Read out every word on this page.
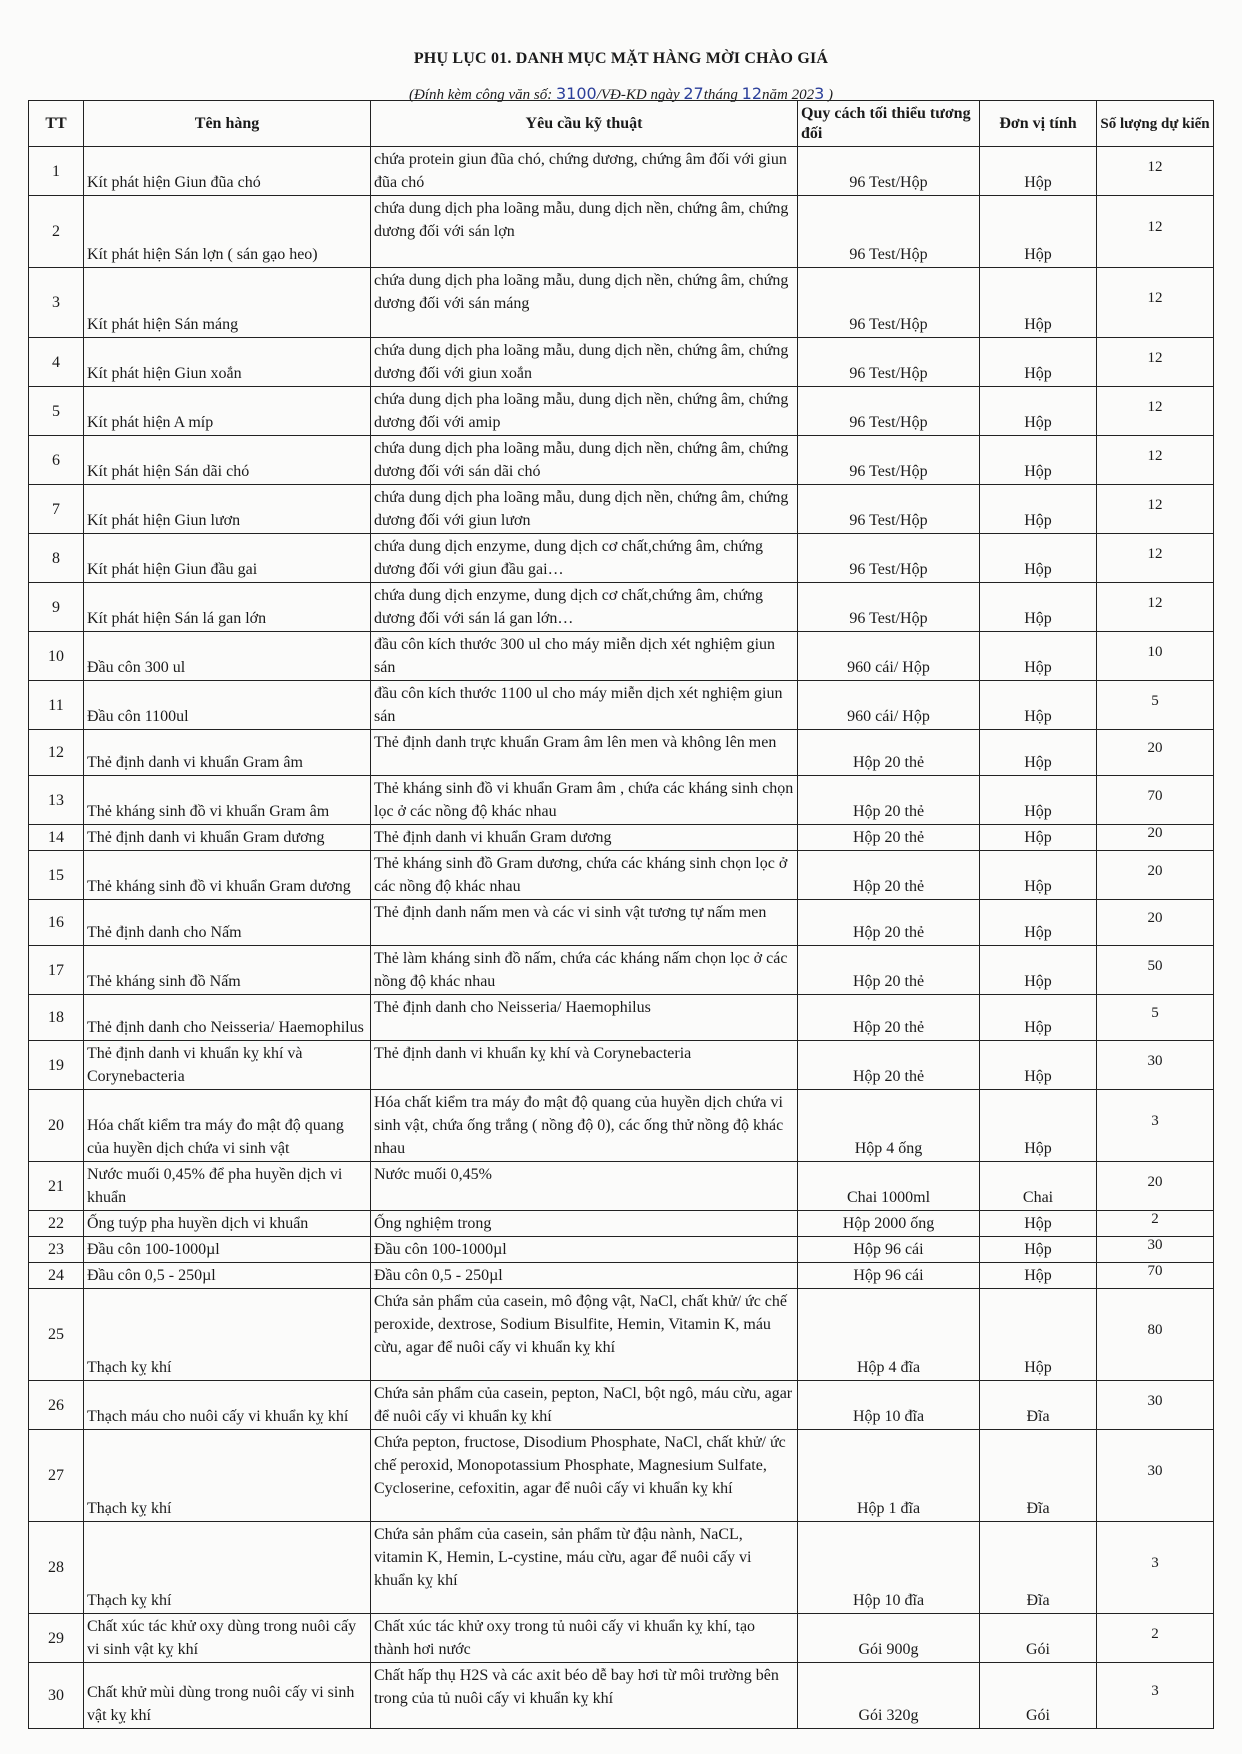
PHỤ LỤC 01. DANH MỤC MẶT HÀNG MỜI CHÀO GIÁ
(Đính kèm công văn số: 3100/VĐ-KD ngày 27tháng 12năm 2023 )
TT	Tên hàng	Yêu cầu kỹ thuật	Quy cách tối thiểu tương đối	Đơn vị tính	Số lượng dự kiến
1	Kít phát hiện Giun đũa chó	chứa protein giun đũa chó, chứng dương, chứng âm đối với giun đũa chó	96 Test/Hộp	Hộp	12
2	Kít phát hiện Sán lợn ( sán gạo heo)	chứa dung dịch pha loãng mẫu, dung dịch nền, chứng âm, chứng dương đối với sán lợn	96 Test/Hộp	Hộp	12
3	Kít phát hiện Sán máng	chứa dung dịch pha loãng mẫu, dung dịch nền, chứng âm, chứng dương đối với sán máng	96 Test/Hộp	Hộp	12
4	Kít phát hiện Giun xoắn	chứa dung dịch pha loãng mẫu, dung dịch nền, chứng âm, chứng dương đối với giun xoắn	96 Test/Hộp	Hộp	12
5	Kít phát hiện A míp	chứa dung dịch pha loãng mẫu, dung dịch nền, chứng âm, chứng dương đối với amip	96 Test/Hộp	Hộp	12
6	Kít phát hiện Sán dãi chó	chứa dung dịch pha loãng mẫu, dung dịch nền, chứng âm, chứng dương đối với sán dãi chó	96 Test/Hộp	Hộp	12
7	Kít phát hiện Giun lươn	chứa dung dịch pha loãng mẫu, dung dịch nền, chứng âm, chứng dương đối với giun lươn	96 Test/Hộp	Hộp	12
8	Kít phát hiện Giun đầu gai	chứa dung dịch enzyme, dung dịch cơ chất,chứng âm, chứng dương đối với giun đầu gai…	96 Test/Hộp	Hộp	12
9	Kít phát hiện Sán lá gan lớn	chứa dung dịch enzyme, dung dịch cơ chất,chứng âm, chứng dương đối với sán lá gan lớn…	96 Test/Hộp	Hộp	12
10	Đầu côn 300 ul	đầu côn kích thước 300 ul cho máy miễn dịch xét nghiệm giun sán	960 cái/ Hộp	Hộp	10
11	Đầu côn 1100ul	đầu côn kích thước 1100 ul cho máy miễn dịch xét nghiệm giun sán	960 cái/ Hộp	Hộp	5
12	Thẻ định danh vi khuẩn Gram âm	Thẻ định danh trực khuẩn Gram âm lên men và không lên men	Hộp 20 thẻ	Hộp	20
13	Thẻ kháng sinh đồ vi khuẩn Gram âm	Thẻ kháng sinh đồ vi khuẩn Gram âm , chứa các kháng sinh chọn lọc ở các nồng độ khác nhau	Hộp 20 thẻ	Hộp	70
14	Thẻ định danh vi khuẩn Gram dương	Thẻ định danh vi khuẩn Gram dương	Hộp 20 thẻ	Hộp	20
15	Thẻ kháng sinh đồ vi khuẩn Gram dương	Thẻ kháng sinh đồ Gram dương, chứa các kháng sinh chọn lọc ở các nồng độ khác nhau	Hộp 20 thẻ	Hộp	20
16	Thẻ định danh cho Nấm	Thẻ định danh nấm men và các vi sinh vật tương tự nấm men	Hộp 20 thẻ	Hộp	20
17	Thẻ kháng sinh đồ Nấm	Thẻ làm kháng sinh đồ nấm, chứa các kháng nấm chọn lọc ở các nồng độ khác nhau	Hộp 20 thẻ	Hộp	50
18	Thẻ định danh cho Neisseria/ Haemophilus	Thẻ định danh cho Neisseria/ Haemophilus	Hộp 20 thẻ	Hộp	5
19	Thẻ định danh vi khuẩn kỵ khí và Corynebacteria	Thẻ định danh vi khuẩn kỵ khí và Corynebacteria	Hộp 20 thẻ	Hộp	30
20	Hóa chất kiểm tra máy đo mật độ quang của huyền dịch chứa vi sinh vật	Hóa chất kiểm tra máy đo mật độ quang của huyền dịch chứa vi sinh vật, chứa ống trắng ( nồng độ 0), các ống thử nồng độ khác nhau	Hộp 4 ống	Hộp	3
21	Nước muối 0,45% để pha huyền dịch vi khuẩn	Nước muối 0,45%	Chai 1000ml	Chai	20
22	Ống tuýp pha huyền dịch vi khuẩn	Ống nghiệm trong	Hộp 2000 ống	Hộp	2
23	Đầu côn 100-1000µl	Đầu côn 100-1000µl	Hộp 96 cái	Hộp	30
24	Đầu côn 0,5 - 250µl	Đầu côn 0,5 - 250µl	Hộp 96 cái	Hộp	70
25	Thạch kỵ khí	Chứa sản phẩm của casein, mô động vật, NaCl, chất khử/ ức chế peroxide, dextrose, Sodium Bisulfite, Hemin, Vitamin K, máu cừu, agar để nuôi cấy vi khuẩn kỵ khí	Hộp 4 đĩa	Hộp	80
26	Thạch máu cho nuôi cấy vi khuẩn kỵ khí	Chứa sản phẩm của casein, pepton, NaCl, bột ngô, máu cừu, agar để nuôi cấy vi khuẩn kỵ khí	Hộp 10 đĩa	Đĩa	30
27	Thạch kỵ khí	Chứa pepton, fructose, Disodium Phosphate, NaCl, chất khử/ ức chế peroxid, Monopotassium Phosphate, Magnesium Sulfate, Cycloserine, cefoxitin, agar để nuôi cấy vi khuẩn kỵ khí	Hộp 1 đĩa	Đĩa	30
28	Thạch kỵ khí	Chứa sản phẩm của casein, sản phẩm từ đậu nành, NaCL, vitamin K, Hemin, L-cystine, máu cừu, agar để nuôi cấy vi khuẩn kỵ khí	Hộp 10 đĩa	Đĩa	3
29	Chất xúc tác khử oxy dùng trong nuôi cấy vi sinh vật kỵ khí	Chất xúc tác khử oxy trong tủ nuôi cấy vi khuẩn kỵ khí, tạo thành hơi nước	Gói 900g	Gói	2
30	Chất khử mùi dùng trong nuôi cấy vi sinh vật kỵ khí	Chất hấp thụ H2S và các axit béo dễ bay hơi từ môi trường bên trong của tủ nuôi cấy vi khuẩn kỵ khí	Gói 320g	Gói	3
